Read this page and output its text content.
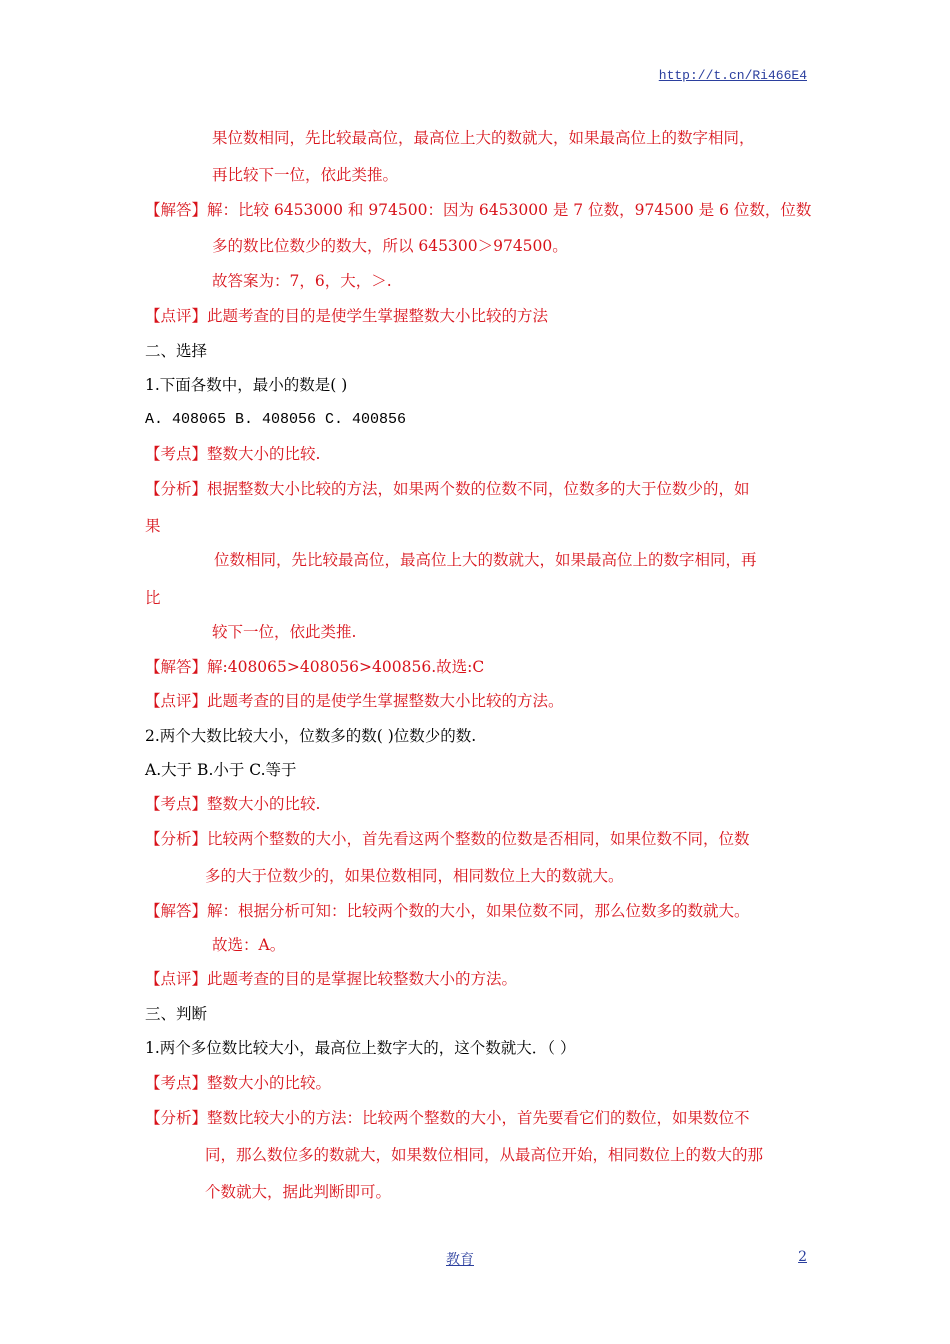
http://t.cn/Ri466E4
果位数相同，先比较最高位，最高位上大的数就大，如果最高位上的数字相同，
再比较下一位，依此类推。
【解答】解：比较 6453000 和 974500：因为 6453000 是 7 位数，974500 是 6 位数，位数
多的数比位数少的数大，所以 645300＞974500。
故答案为：7，6，大，＞.
【点评】此题考查的目的是使学生掌握整数大小比较的方法
二、选择
1.下面各数中，最小的数是( )
A. 408065 B. 408056 C. 400856
【考点】整数大小的比较.
【分析】根据整数大小比较的方法，如果两个数的位数不同，位数多的大于位数少的，如
果
位数相同，先比较最高位，最高位上大的数就大，如果最高位上的数字相同，再
比
较下一位，依此类推.
【解答】解:408065>408056>400856.故选:C
【点评】此题考查的目的是使学生掌握整数大小比较的方法。
2.两个大数比较大小，位数多的数( )位数少的数.
A.大于 B.小于 C.等于
【考点】整数大小的比较.
【分析】比较两个整数的大小，首先看这两个整数的位数是否相同，如果位数不同，位数
多的大于位数少的，如果位数相同，相同数位上大的数就大。
【解答】解：根据分析可知：比较两个数的大小，如果位数不同，那么位数多的数就大。
故选：A。
【点评】此题考查的目的是掌握比较整数大小的方法。
三、判断
1.两个多位数比较大小，最高位上数字大的，这个数就大．（ ）
【考点】整数大小的比较。
【分析】整数比较大小的方法：比较两个整数的大小，首先要看它们的数位，如果数位不
同，那么数位多的数就大，如果数位相同，从最高位开始，相同数位上的数大的那
个数就大，据此判断即可。
教育	2
